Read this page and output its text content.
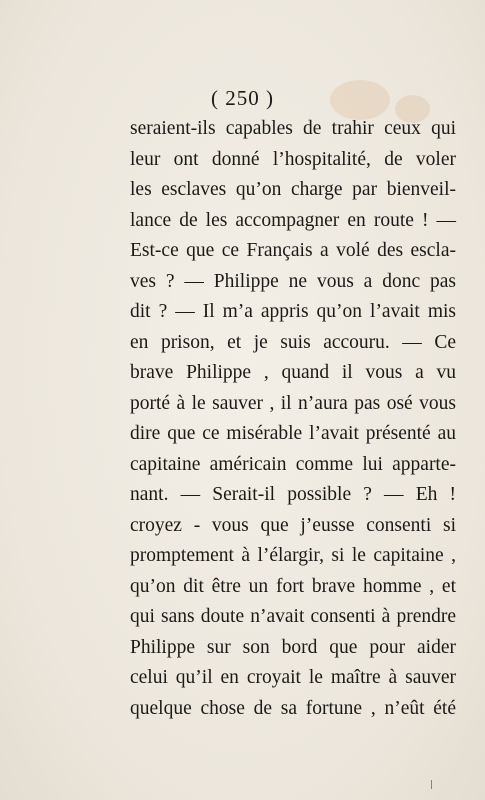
( 250 )
seraient-ils capables de trahir ceux qui
leur ont donné l’hospitalité, de voler
les esclaves qu’on charge par bienveil-
lance de les accompagner en route ! —
Est-ce que ce Français a volé des escla-
ves ? — Philippe ne vous a donc pas
dit ? — Il m’a appris qu’on l’avait mis
en prison, et je suis accouru. — Ce
brave Philippe , quand il vous a vu
porté à le sauver , il n’aura pas osé vous
dire que ce misérable l’avait présenté au
capitaine américain comme lui apparte-
nant. — Serait-il possible ? — Eh !
croyez - vous que j’eusse consenti si
promptement à l’élargir, si le capitaine ,
qu’on dit être un fort brave homme , et
qui sans doute n’avait consenti à prendre
Philippe sur son bord que pour aider
celui qu’il en croyait le maître à sauver
quelque chose de sa fortune , n’eût été
